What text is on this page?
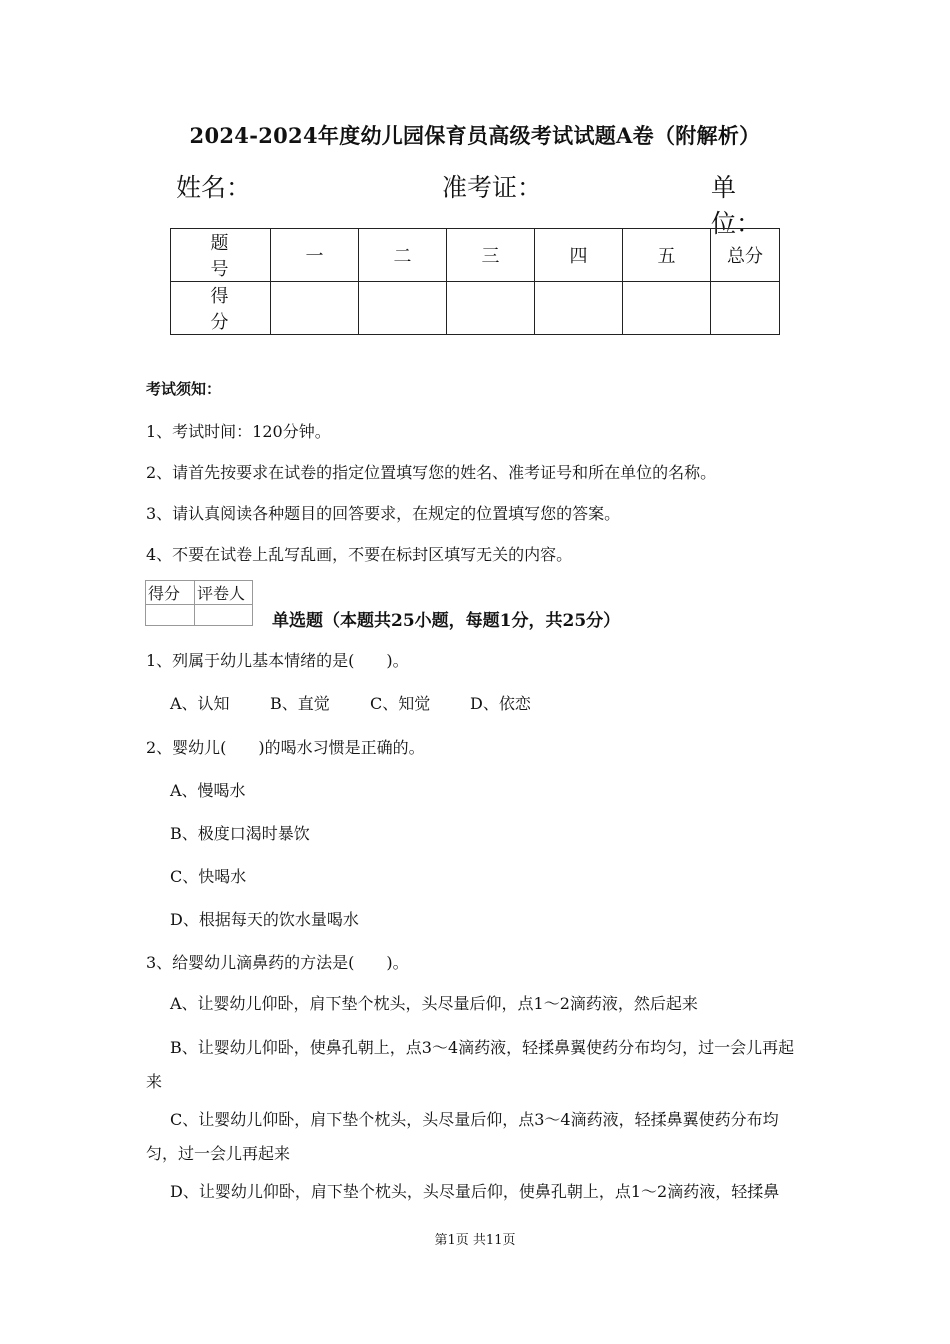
2024-2024年度幼儿园保育员高级考试试题A卷（附解析）
姓名：	准考证：	单位：
题　号	一	二	三	四	五	总分
得　分						
考试须知：
1、考试时间：120分钟。
2、请首先按要求在试卷的指定位置填写您的姓名、准考证号和所在单位的名称。
3、请认真阅读各种题目的回答要求，在规定的位置填写您的答案。
4、不要在试卷上乱写乱画，不要在标封区填写无关的内容。
得分	评卷人

单选题（本题共25小题，每题1分，共25分）
1、列属于幼儿基本情绪的是(　　)。
A、认知	B、直觉	C、知觉 D、依恋
2、婴幼儿(　　)的喝水习惯是正确的。
A、慢喝水
B、极度口渴时暴饮
C、快喝水
D、根据每天的饮水量喝水
3、给婴幼儿滴鼻药的方法是(　　)。
A、让婴幼儿仰卧，肩下垫个枕头，头尽量后仰，点1～2滴药液，然后起来
B、让婴幼儿仰卧，使鼻孔朝上，点3～4滴药液，轻揉鼻翼使药分布均匀，过一会儿再起来
C、让婴幼儿仰卧，肩下垫个枕头，头尽量后仰，点3～4滴药液，轻揉鼻翼使药分布均匀，过一会儿再起来
D、让婴幼儿仰卧，肩下垫个枕头，头尽量后仰，使鼻孔朝上，点1～2滴药液，轻揉鼻
第1页 共11页
